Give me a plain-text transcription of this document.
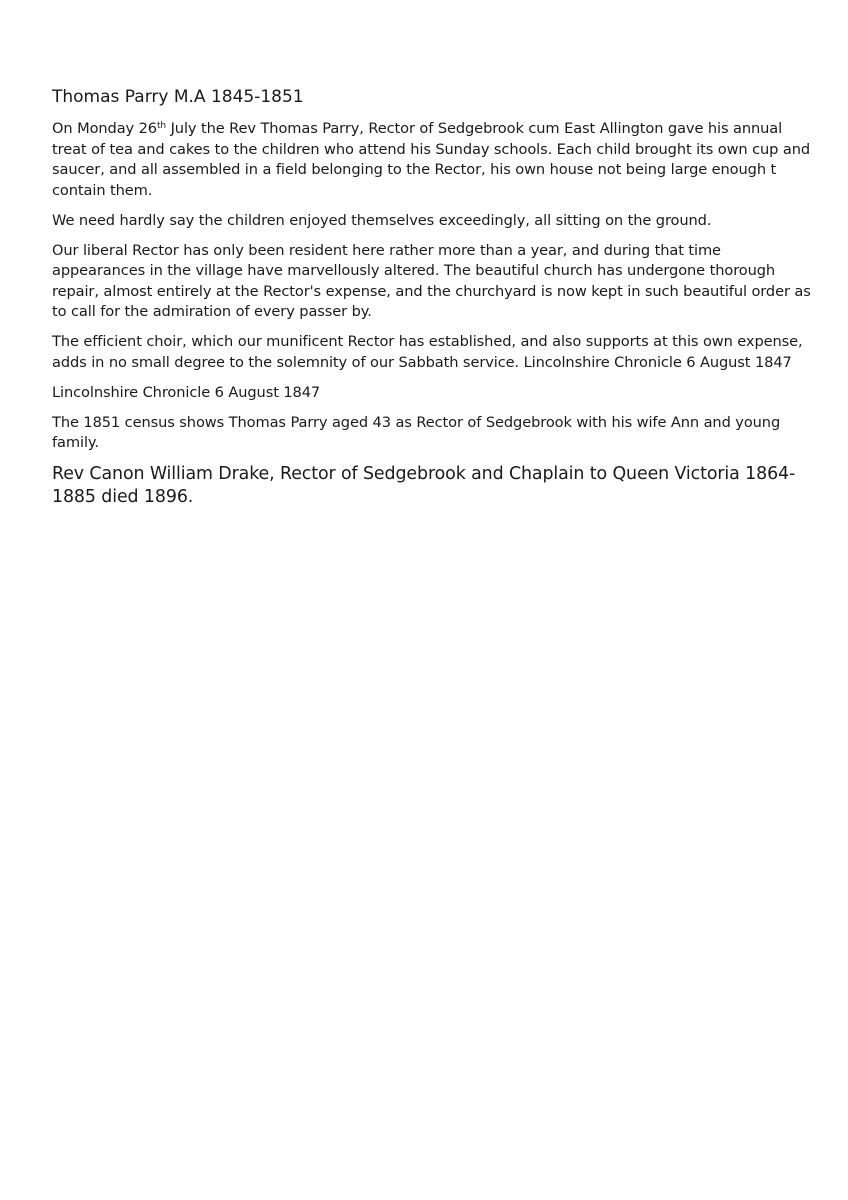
Thomas Parry M.A 1845-1851

On Monday 26th July the Rev Thomas Parry, Rector of Sedgebrook cum East Allington gave his annual treat of tea and cakes to the children who attend his Sunday schools. Each child brought its own cup and saucer, and all assembled in a field belonging to the Rector, his own house not being large enough t contain them.

We need hardly say the children enjoyed themselves exceedingly, all sitting on the ground.

Our liberal Rector has only been resident here rather more than a year, and during that time appearances in the village have marvellously altered. The beautiful church has undergone thorough repair, almost entirely at the Rector's expense, and the churchyard is now kept in such beautiful order as to call for the admiration of every passer by.

The efficient choir, which our munificent Rector has established, and also supports at this own expense, adds in no small degree to the solemnity of our Sabbath service. Lincolnshire Chronicle 6 August 1847

Lincolnshire Chronicle 6 August 1847

The 1851 census shows Thomas Parry aged 43 as Rector of Sedgebrook with his wife Ann and young family.

Rev Canon William Drake, Rector of Sedgebrook and Chaplain to Queen Victoria 1864-1885 died 1896.
